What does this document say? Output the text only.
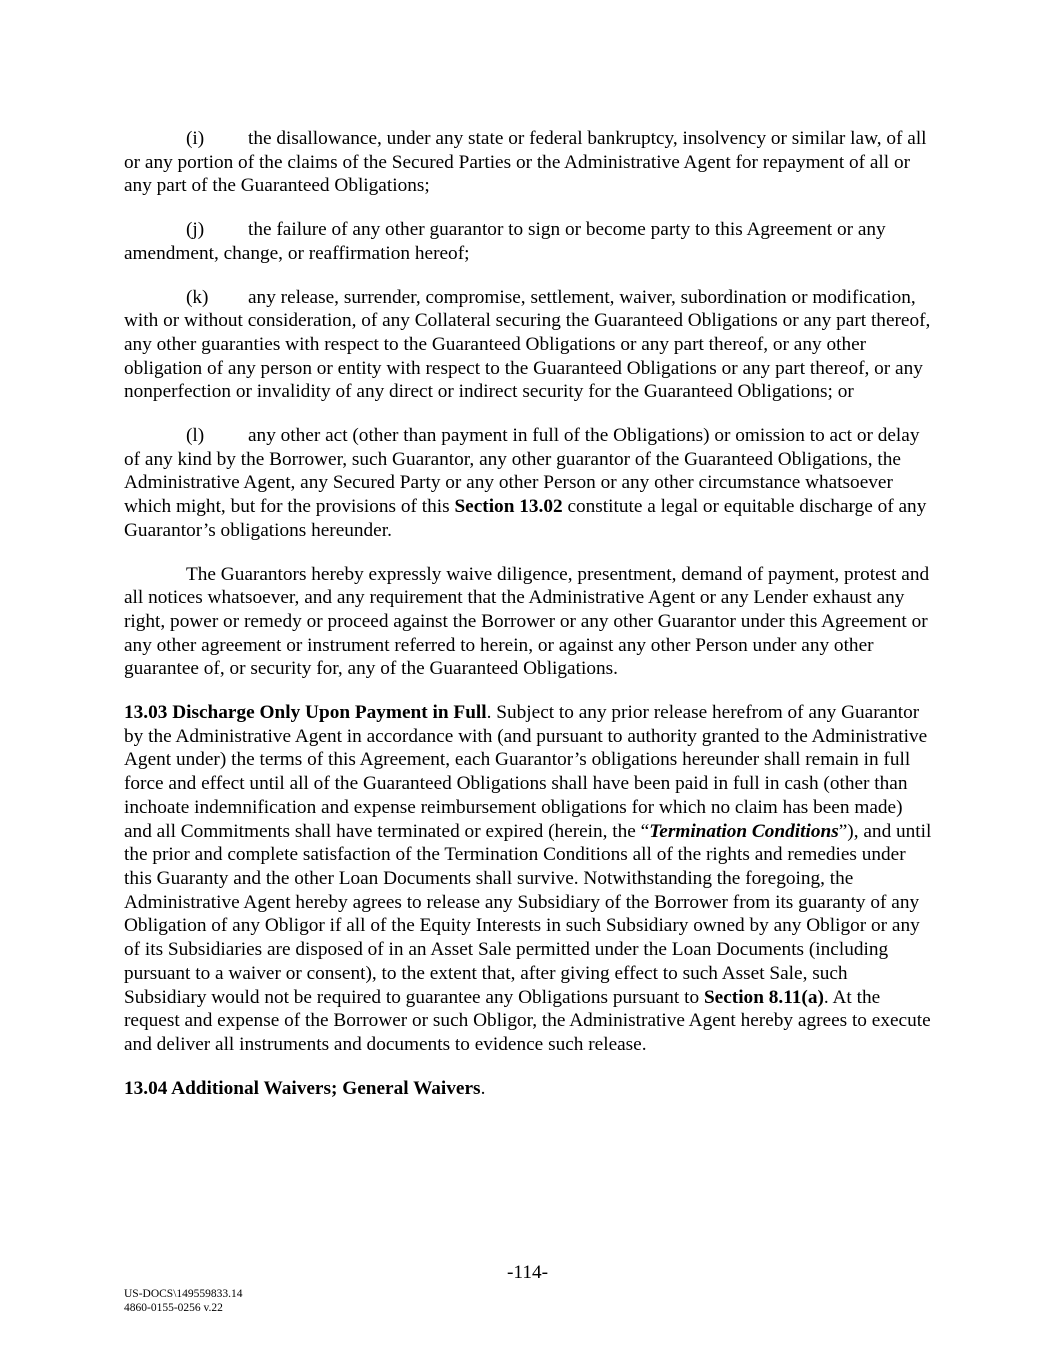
(i) the disallowance, under any state or federal bankruptcy, insolvency or similar law, of all or any portion of the claims of the Secured Parties or the Administrative Agent for repayment of all or any part of the Guaranteed Obligations;

(j) the failure of any other guarantor to sign or become party to this Agreement or any amendment, change, or reaffirmation hereof;

(k) any release, surrender, compromise, settlement, waiver, subordination or modification, with or without consideration, of any Collateral securing the Guaranteed Obligations or any part thereof, any other guaranties with respect to the Guaranteed Obligations or any part thereof, or any other obligation of any person or entity with respect to the Guaranteed Obligations or any part thereof, or any nonperfection or invalidity of any direct or indirect security for the Guaranteed Obligations; or

(l) any other act (other than payment in full of the Obligations) or omission to act or delay of any kind by the Borrower, such Guarantor, any other guarantor of the Guaranteed Obligations, the Administrative Agent, any Secured Party or any other Person or any other circumstance whatsoever which might, but for the provisions of this Section 13.02 constitute a legal or equitable discharge of any Guarantor’s obligations hereunder.

The Guarantors hereby expressly waive diligence, presentment, demand of payment, protest and all notices whatsoever, and any requirement that the Administrative Agent or any Lender exhaust any right, power or remedy or proceed against the Borrower or any other Guarantor under this Agreement or any other agreement or instrument referred to herein, or against any other Person under any other guarantee of, or security for, any of the Guaranteed Obligations.

13.03 Discharge Only Upon Payment in Full. Subject to any prior release herefrom of any Guarantor by the Administrative Agent in accordance with (and pursuant to authority granted to the Administrative Agent under) the terms of this Agreement, each Guarantor’s obligations hereunder shall remain in full force and effect until all of the Guaranteed Obligations shall have been paid in full in cash (other than inchoate indemnification and expense reimbursement obligations for which no claim has been made) and all Commitments shall have terminated or expired (herein, the “Termination Conditions”), and until the prior and complete satisfaction of the Termination Conditions all of the rights and remedies under this Guaranty and the other Loan Documents shall survive. Notwithstanding the foregoing, the Administrative Agent hereby agrees to release any Subsidiary of the Borrower from its guaranty of any Obligation of any Obligor if all of the Equity Interests in such Subsidiary owned by any Obligor or any of its Subsidiaries are disposed of in an Asset Sale permitted under the Loan Documents (including pursuant to a waiver or consent), to the extent that, after giving effect to such Asset Sale, such Subsidiary would not be required to guarantee any Obligations pursuant to Section 8.11(a). At the request and expense of the Borrower or such Obligor, the Administrative Agent hereby agrees to execute and deliver all instruments and documents to evidence such release.

13.04 Additional Waivers; General Waivers.

-114-
US-DOCS\149559833.14
4860-0155-0256 v.22
